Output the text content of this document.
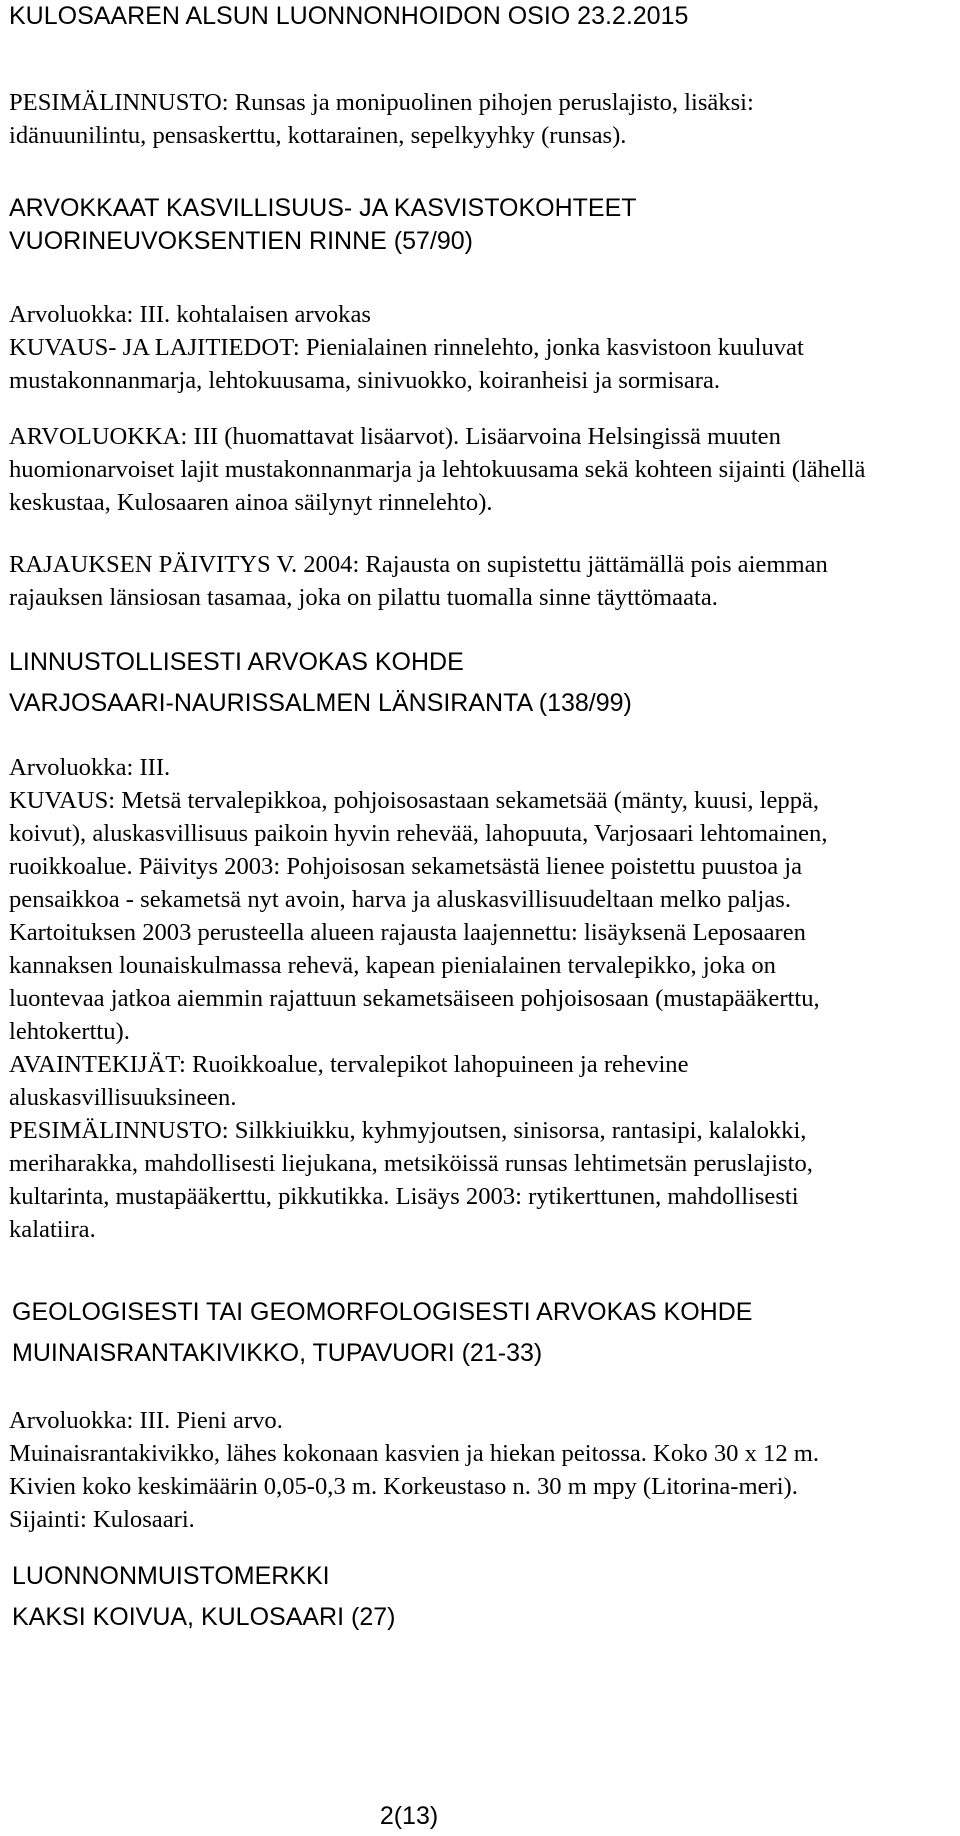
KULOSAAREN ALSUN LUONNONHOIDON OSIO 23.2.2015
PESIMÄLINNUSTO: Runsas ja monipuolinen pihojen peruslajisto, lisäksi:
idänuunilintu, pensaskerttu, kottarainen, sepelkyyhky (runsas).
ARVOKKAAT KASVILLISUUS- JA KASVISTOKOHTEET
VUORINEUVOKSENTIEN RINNE (57/90)
Arvoluokka: III. kohtalaisen arvokas
KUVAUS- JA LAJITIEDOT: Pienialainen rinnelehto, jonka kasvistoon kuuluvat
mustakonnanmarja, lehtokuusama, sinivuokko, koiranheisi ja sormisara.
ARVOLUOKKA: III (huomattavat lisäarvot). Lisäarvoina Helsingissä muuten
huomionarvoiset lajit mustakonnanmarja ja lehtokuusama sekä kohteen sijainti (lähellä
keskustaa, Kulosaaren ainoa säilynyt rinnelehto).
RAJAUKSEN PÄIVITYS V. 2004: Rajausta on supistettu jättämällä pois aiemman
rajauksen länsiosan tasamaa, joka on pilattu tuomalla sinne täyttömaata.
LINNUSTOLLISESTI ARVOKAS KOHDE
VARJOSAARI-NAURISSALMEN LÄNSIRANTA (138/99)
Arvoluokka: III.
KUVAUS: Metsä tervalepikkoa, pohjoisosastaan sekametsää (mänty, kuusi, leppä,
koivut), aluskasvillisuus paikoin hyvin rehevää, lahopuuta, Varjosaari lehtomainen,
ruoikkoalue. Päivitys 2003: Pohjoisosan sekametsästä lienee poistettu puustoa ja
pensaikkoa - sekametsä nyt avoin, harva ja aluskasvillisuudeltaan melko paljas.
Kartoituksen 2003 perusteella alueen rajausta laajennettu: lisäyksenä Leposaaren
kannaksen lounaiskulmassa rehevä, kapean pienialainen tervalepikko, joka on
luontevaa jatkoa aiemmin rajattuun sekametsäiseen pohjoisosaan (mustapääkerttu,
lehtokerttu).
AVAINTEKIJÄT: Ruoikkoalue, tervalepikot lahopuineen ja rehevine
aluskasvillisuuksineen.
PESIMÄLINNUSTO: Silkkiuikku, kyhmyjoutsen, sinisorsa, rantasipi, kalalokki,
meriharakka, mahdollisesti liejukana, metsiköissä runsas lehtimetsän peruslajisto,
kultarinta, mustapääkerttu, pikkutikka. Lisäys 2003: rytikerttunen, mahdollisesti
kalatiira.
GEOLOGISESTI TAI GEOMORFOLOGISESTI ARVOKAS KOHDE
MUINAISRANTAKIVIKKO, TUPAVUORI (21-33)
Arvoluokka: III. Pieni arvo.
Muinaisrantakivikko, lähes kokonaan kasvien ja hiekan peitossa. Koko 30 x 12 m.
Kivien koko keskimäärin 0,05-0,3 m. Korkeustaso n. 30 m mpy (Litorina-meri).
Sijainti: Kulosaari.
LUONNONMUISTOMERKKI
KAKSI KOIVUA, KULOSAARI (27)
2(13)
